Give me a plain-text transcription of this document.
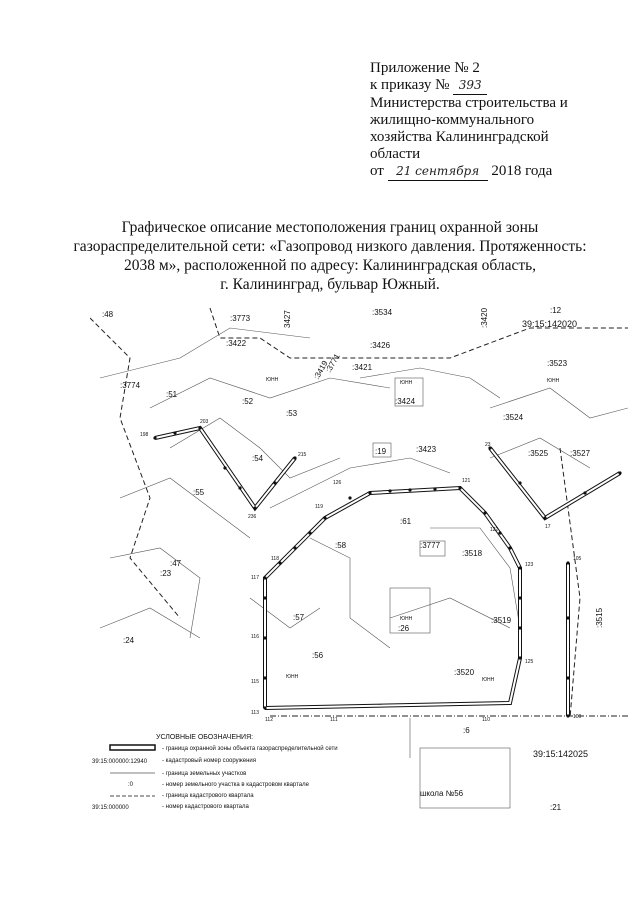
Приложение № 2
к приказу № 393
Министерства строительства и
жилищно-коммунального
хозяйства Калининградской
области
от 21 сентября 2018 года
Графическое описание местоположения границ охранной зоны
газораспределительной сети: «Газопровод низкого давления. Протяженность:
2038 м», расположенной по адресу: Калининградская область,
г. Калининград, бульвар Южный.
113
115
116
117
118
119
126	121
122
123
125
198
203
236
215
23
17
105
109
112	111	110
:48	:3773	3427	:3534	:3420	:12
:3422	:3426
:3771
:3419	:3421	:3523
:3774
:51
:52	:3424
:53	:3524
:54
:19	:3423	:3525	:3527
:55
:61
:58	:3777
:3518
:47
:23
:57
:26
:3519	:3515
:24
:56
:3520
:6
:21
39:15:142020
39:15:142025
школа №56
ЮНН
ЮНН	ЮНН
ЮНН
ЮНН	ЮНН
УСЛОВНЫЕ ОБОЗНАЧЕНИЯ:
- граница охранной зоны объекта газораспределительной сети
39:15:000000:12940 - кадастровый номер сооружения
- граница земельных участков
:0	- номер земельного участка в кадастровом квартале
- граница кадастрового квартала
39:15:000000	- номер кадастрового квартала
